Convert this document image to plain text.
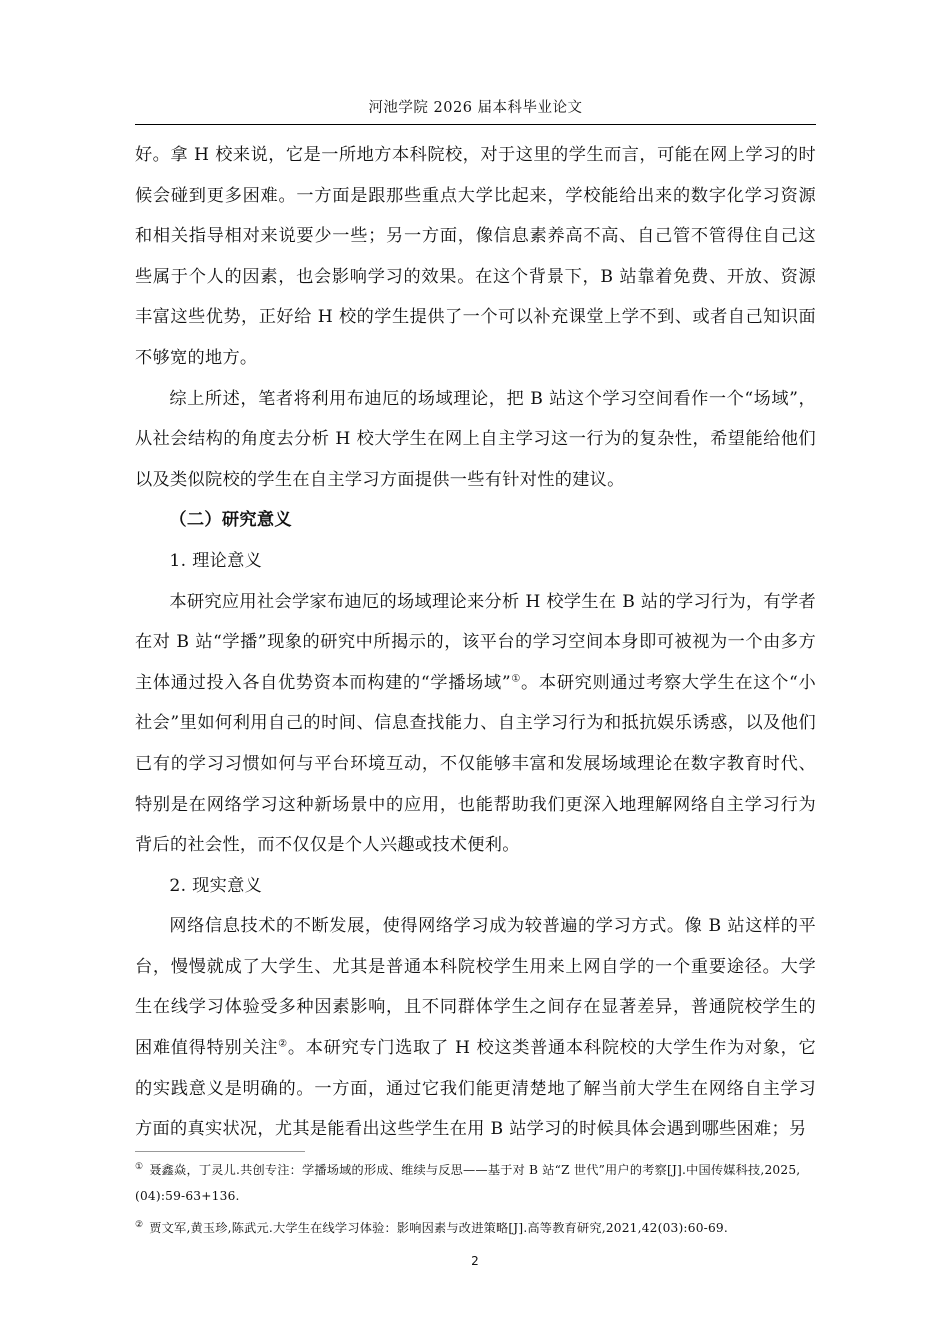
河池学院 2026 届本科毕业论文

好。拿 H 校来说，它是一所地方本科院校，对于这里的学生而言，可能在网上学习的时候会碰到更多困难。一方面是跟那些重点大学比起来，学校能给出来的数字化学习资源和相关指导相对来说要少一些；另一方面，像信息素养高不高、自己管不管得住自己这些属于个人的因素，也会影响学习的效果。在这个背景下，B 站靠着免费、开放、资源丰富这些优势，正好给 H 校的学生提供了一个可以补充课堂上学不到、或者自己知识面不够宽的地方。

综上所述，笔者将利用布迪厄的场域理论，把 B 站这个学习空间看作一个“场域”，从社会结构的角度去分析 H 校大学生在网上自主学习这一行为的复杂性，希望能给他们以及类似院校的学生在自主学习方面提供一些有针对性的建议。

（二）研究意义

1. 理论意义

本研究应用社会学家布迪厄的场域理论来分析 H 校学生在 B 站的学习行为，有学者在对 B 站“学播”现象的研究中所揭示的，该平台的学习空间本身即可被视为一个由多方主体通过投入各自优势资本而构建的“学播场域”①。本研究则通过考察大学生在这个“小社会”里如何利用自己的时间、信息查找能力、自主学习行为和抵抗娱乐诱惑，以及他们已有的学习习惯如何与平台环境互动，不仅能够丰富和发展场域理论在数字教育时代、特别是在网络学习这种新场景中的应用，也能帮助我们更深入地理解网络自主学习行为背后的社会性，而不仅仅是个人兴趣或技术便利。

2. 现实意义

网络信息技术的不断发展，使得网络学习成为较普遍的学习方式。像 B 站这样的平台，慢慢就成了大学生、尤其是普通本科院校学生用来上网自学的一个重要途径。大学生在线学习体验受多种因素影响，且不同群体学生之间存在显著差异，普通院校学生的困难值得特别关注②。本研究专门选取了 H 校这类普通本科院校的大学生作为对象，它的实践意义是明确的。一方面，通过它我们能更清楚地了解当前大学生在网络自主学习方面的真实状况，尤其是能看出这些学生在用 B 站学习的时候具体会遇到哪些困难；另

① 聂鑫焱，丁灵儿.共创专注：学播场域的形成、维续与反思——基于对 B 站“Z 世代”用户的考察[J].中国传媒科技,2025,(04):59-63+136.

② 贾文军,黄玉珍,陈武元.大学生在线学习体验：影响因素与改进策略[J].高等教育研究,2021,42(03):60-69.

2
